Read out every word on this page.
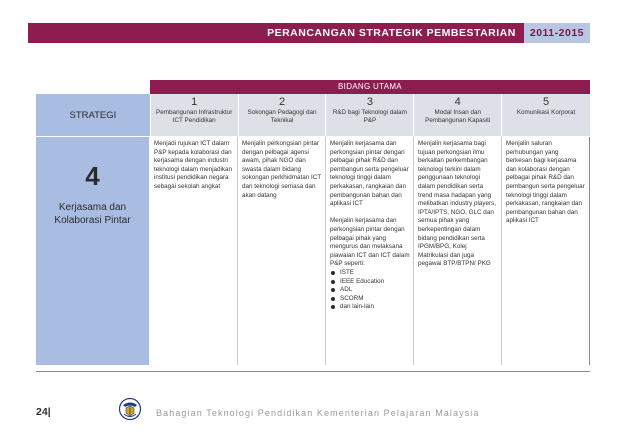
PERANCANGAN STRATEGIK PEMBESTARIAN	2011-2015
BIDANG UTAMA
STRATEGI
1
Pembangunan Infrastruktur ICT Pendidikan
2
Sokongan Pedagogi dan Teknikal
3
R&D bagi Teknologi dalam P&P
4
Modal Insan dan Pembangunan Kapasiti
5
Komunikasi Korporat
4
Kerjasama dan Kolaborasi Pintar

Menjadi rujukan ICT dalam P&P kepada kolaborasi dan kerjasama dengan industri teknologi dalam menjadikan institusi pendidikan negara sebagai sekolah angkat

Menjalin perkongsian pintar dengan pelbagai agensi awam, pihak NGO dan swasta dalam bidang sokongan perkhidmatan ICT dan teknologi semasa dan akan datang

Menjalin kerjasama dan perkongsian pintar dengan pelbagai pihak R&D dan pembangun serta pengeluar teknologi tinggi dalam perkakasan, rangkaian dan pembangunan bahan dan aplikasi ICT

Menjalin kerjasama dan perkongsian pintar dengan pelbagai pihak yang mengurus dan melaksana piawaian ICT dan ICT dalam P&P seperti:

ISTE
IEEE Education
ADL
SCORM
dan lain-lain

Menjalin kerjasama bagi tujuan perkongsian ilmu berkaitan perkembangan teknologi terkini dalam penggunaan teknologi dalam pendidikan serta trend masa hadapan yang melibatkan industry players, IPTA/IPTS, NGO, GLC dan semua pihak yang berkepentingan dalam bidang pendidikan serta IPGM/BPG, Kolej Matrikulasi dan juga pegawai BTP/BTPN/ PKG

Menjalin saluran perhubungan yang berkesan bagi kerjasama dan kolaborasi dengan pelbagai pihak R&D dan pembangun serta pengeluar teknologi tinggi dalam perkakasan, rangkaian dan pembangunan bahan dan aplikasi ICT

24|	Bahagian Teknologi Pendidikan Kementerian Pelajaran Malaysia
